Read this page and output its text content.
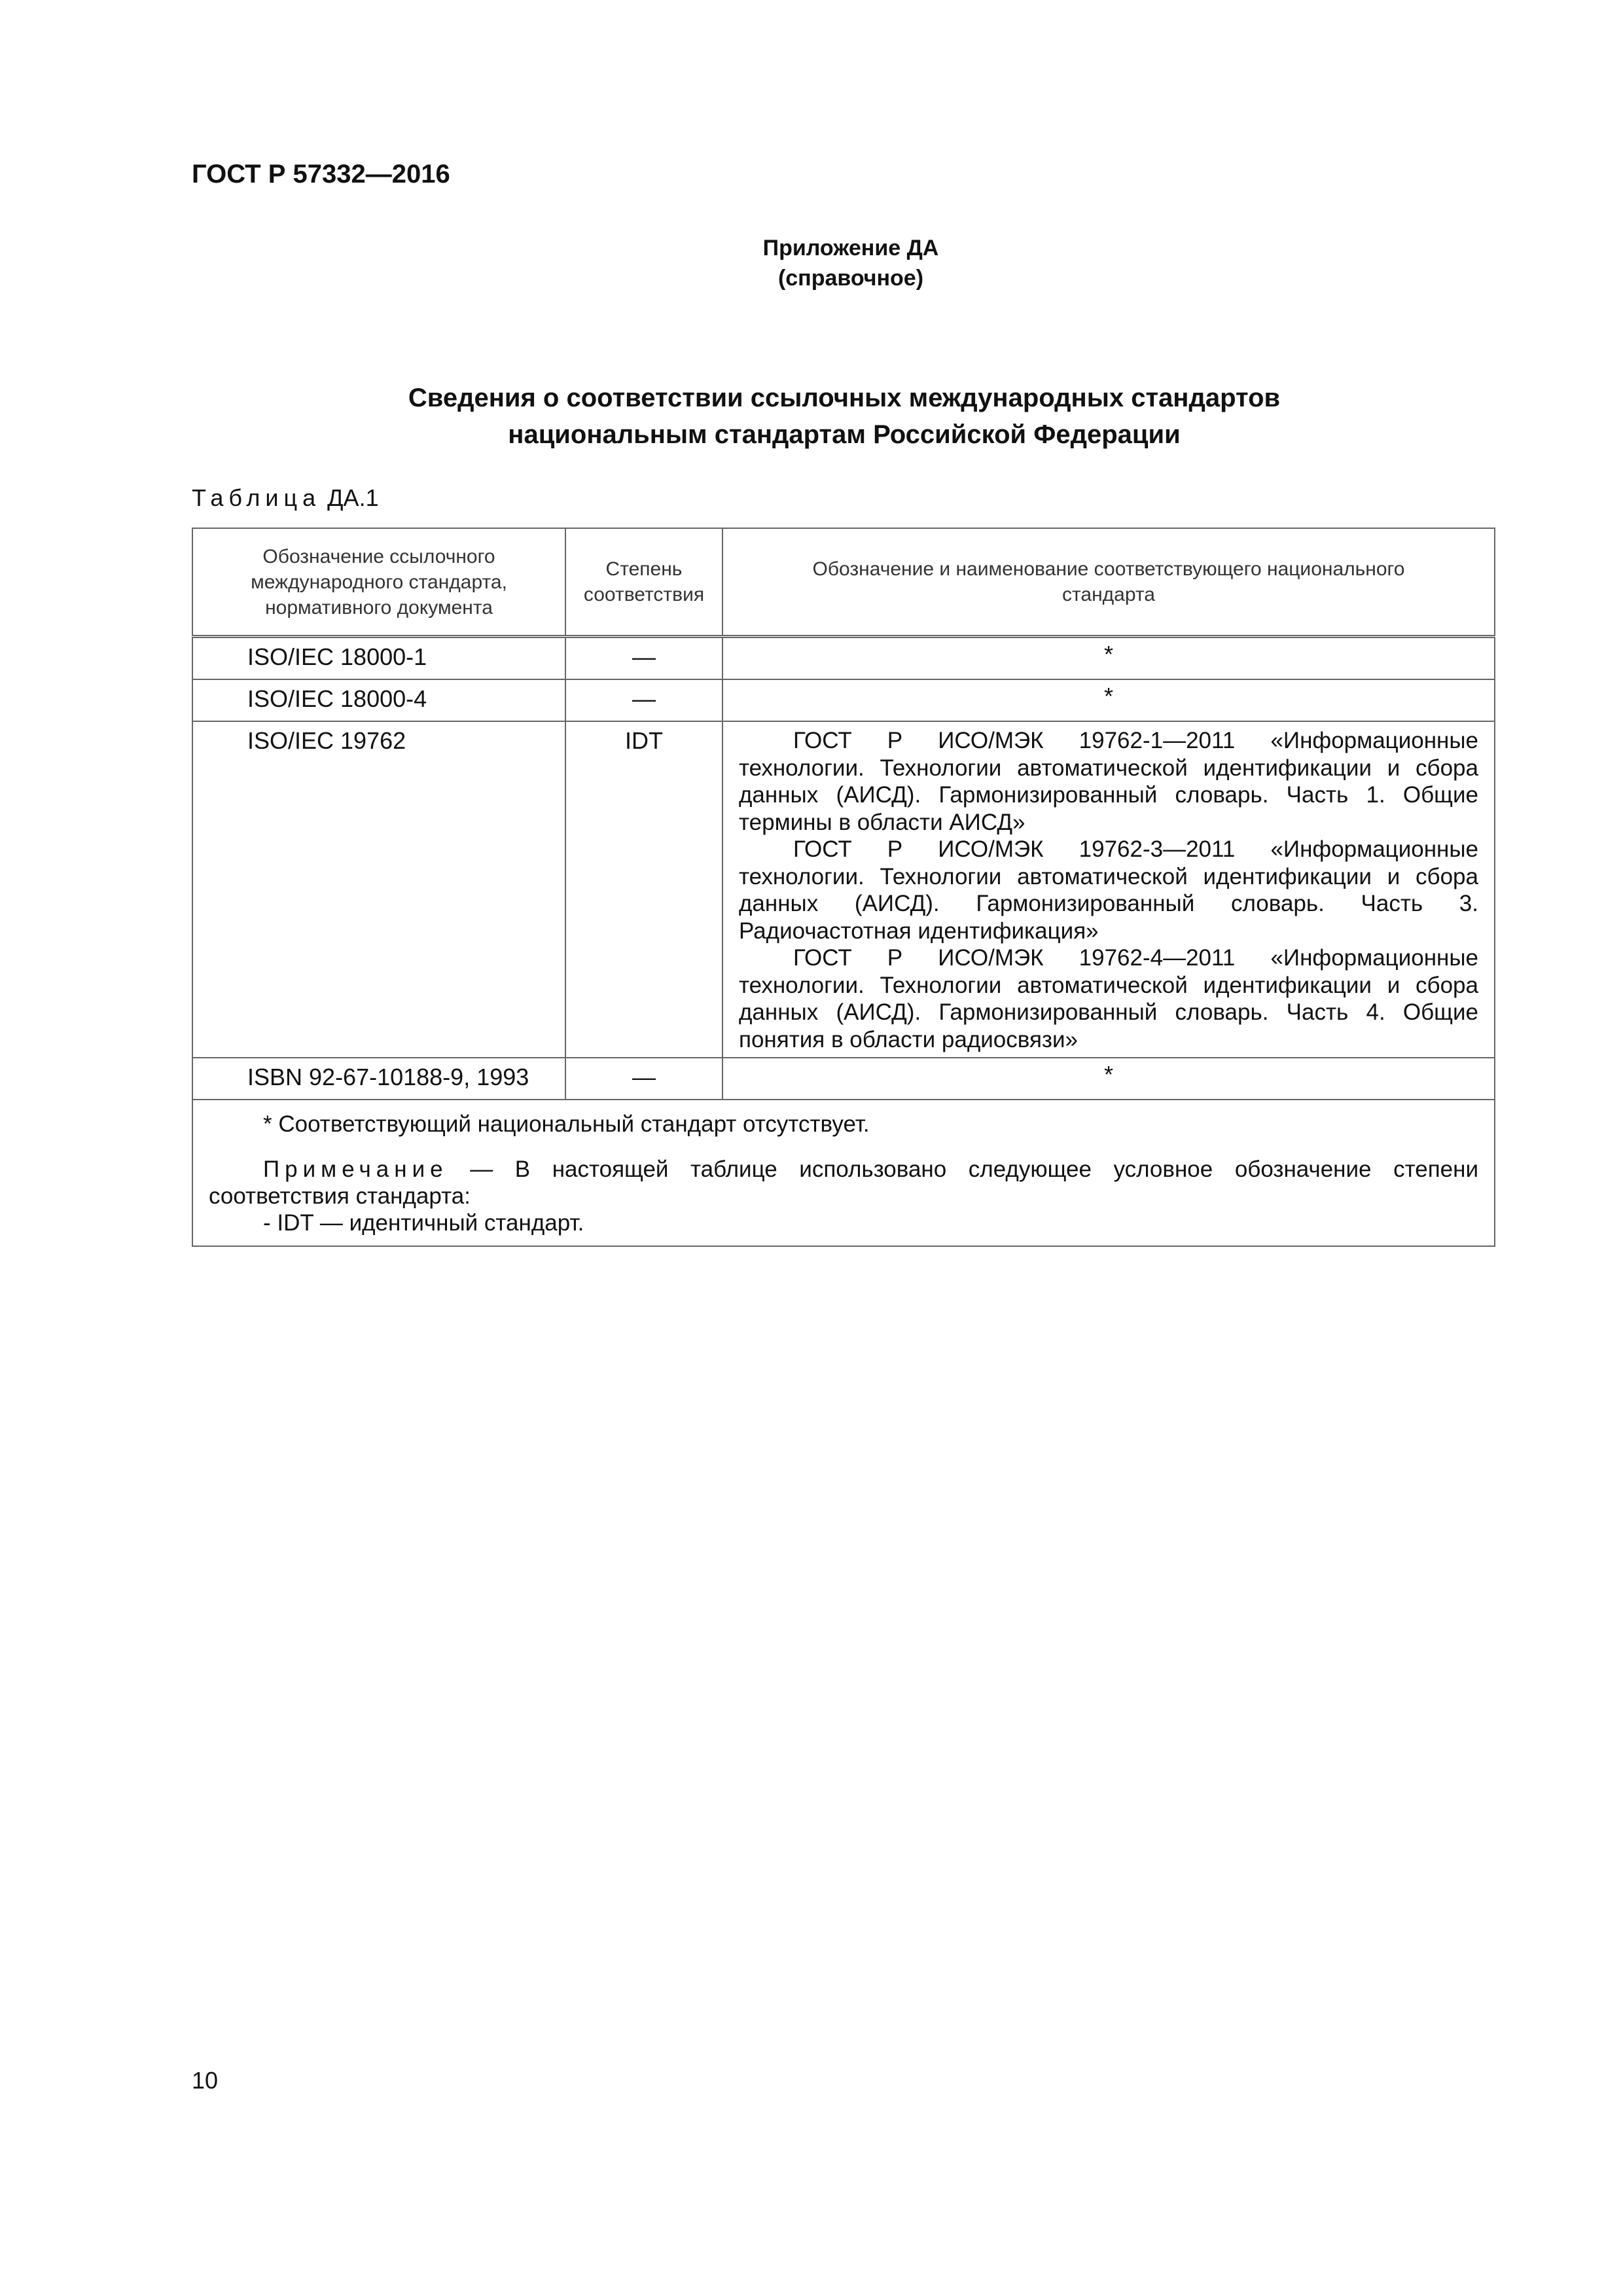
ГОСТ Р 57332—2016
Приложение ДА
(справочное)
Сведения о соответствии ссылочных международных стандартов
национальным стандартам Российской Федерации
Таблица ДА.1
Обозначение ссылочного международного стандарта, нормативного документа	Степень соответствия	Обозначение и наименование соответствующего национального стандарта
ISO/IEC 18000-1	—	*
ISO/IEC 18000-4	—	*
ISO/IEC 19762	IDT	ГОСТ Р ИСО/МЭК 19762-1—2011 «Информационные технологии. Технологии автоматической идентификации и сбора данных (АИСД). Гармонизированный словарь. Часть 1. Общие термины в области АИСД»

ГОСТ Р ИСО/МЭК 19762-3—2011 «Информационные технологии. Технологии автоматической идентификации и сбора данных (АИСД). Гармонизированный словарь. Часть 3. Радиочастотная идентификация»

ГОСТ Р ИСО/МЭК 19762-4—2011 «Информационные технологии. Технологии автоматической идентификации и сбора данных (АИСД). Гармонизированный словарь. Часть 4. Общие понятия в области радиосвязи»

ISBN 92-67-10188-9, 1993	—	*

* Соответствующий национальный стандарт отсутствует.

Примечание — В настоящей таблице использовано следующее условное обозначение степени соответствия стандарта:

- IDT — идентичный стандарт.		

10
